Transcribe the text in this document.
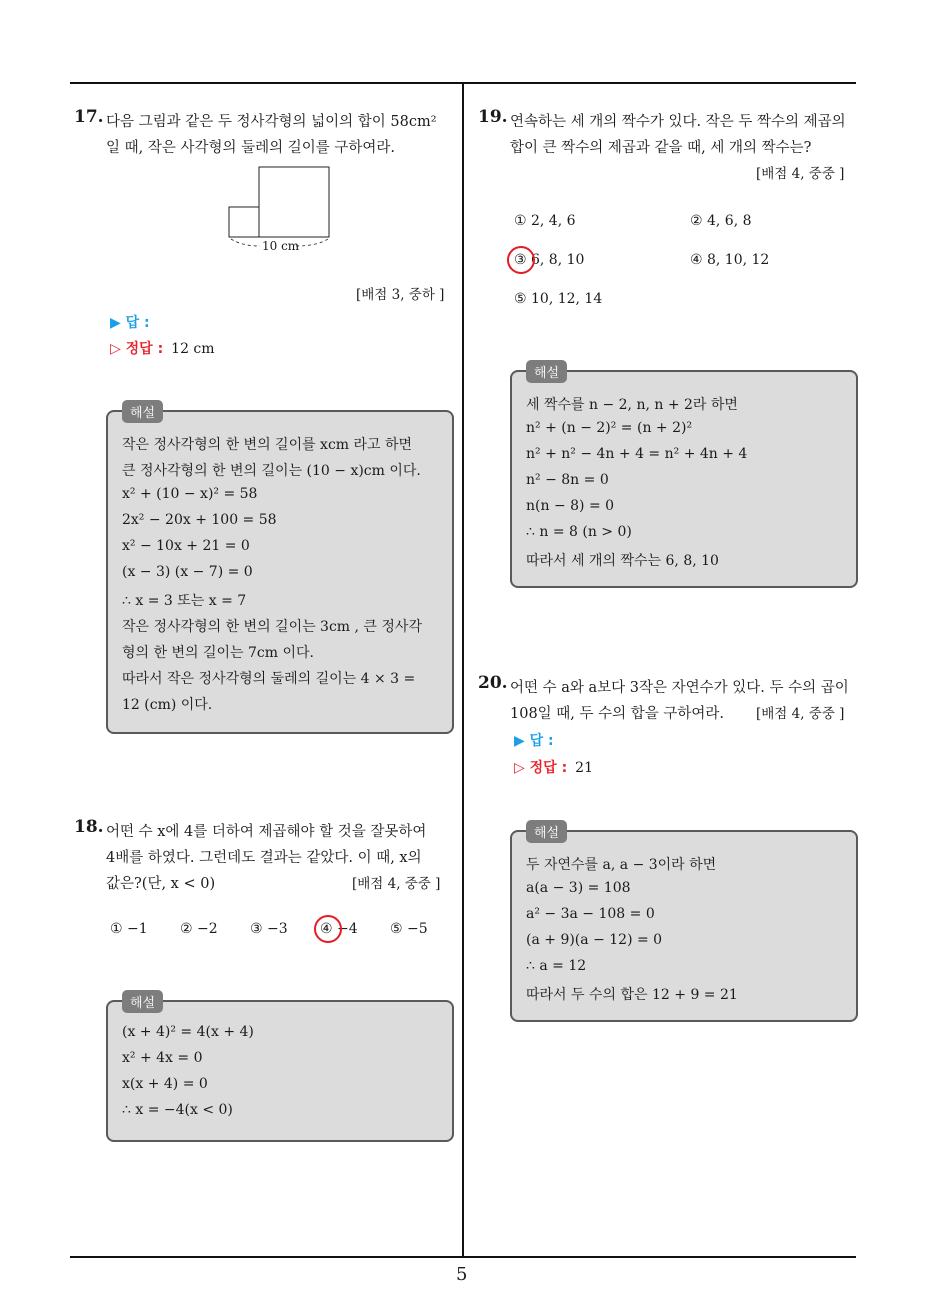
5
17. 다음 그림과 같은 두 정사각형의 넓이의 합이 58cm²
일 때, 작은 사각형의 둘레의 길이를 구하여라.
10 cm
[배점 3, 중하 ]
▶ 답 :
▷ 정답 : 12 cm
해설
작은 정사각형의 한 변의 길이를 xcm 라고 하면
큰 정사각형의 한 변의 길이는 (10 − x)cm 이다.
x² + (10 − x)² = 58
2x² − 20x + 100 = 58
x² − 10x + 21 = 0
(x − 3) (x − 7) = 0
∴ x = 3 또는 x = 7
작은 정사각형의 한 변의 길이는 3cm , 큰 정사각
형의 한 변의 길이는 7cm 이다.
따라서 작은 정사각형의 둘레의 길이는 4 × 3 =
12 (cm) 이다.
18. 어떤 수 x에 4를 더하여 제곱해야 할 것을 잘못하여
4배를 하였다. 그런데도 결과는 같았다. 이 때, x의
값은?(단, x < 0)	[배점 4, 중중 ]
① −1 ② −2 ③ −3 ④ −4 ⑤ −5
해설
(x + 4)² = 4(x + 4)
x² + 4x = 0
x(x + 4) = 0
∴ x = −4(x < 0)
19. 연속하는 세 개의 짝수가 있다. 작은 두 짝수의 제곱의
합이 큰 짝수의 제곱과 같을 때, 세 개의 짝수는?
[배점 4, 중중 ]
① 2, 4, 6	② 4, 6, 8
③ 6, 8, 10	④ 8, 10, 12
⑤ 10, 12, 14
해설
세 짝수를 n − 2, n, n + 2라 하면
n² + (n − 2)² = (n + 2)²
n² + n² − 4n + 4 = n² + 4n + 4
n² − 8n = 0
n(n − 8) = 0
∴ n = 8 (n > 0)
따라서 세 개의 짝수는 6, 8, 10
20. 어떤 수 a와 a보다 3작은 자연수가 있다. 두 수의 곱이
108일 때, 두 수의 합을 구하여라. [배점 4, 중중 ]
▶ 답 :
▷ 정답 : 21
해설
두 자연수를 a, a − 3이라 하면
a(a − 3) = 108
a² − 3a − 108 = 0
(a + 9)(a − 12) = 0
∴ a = 12
따라서 두 수의 합은 12 + 9 = 21
